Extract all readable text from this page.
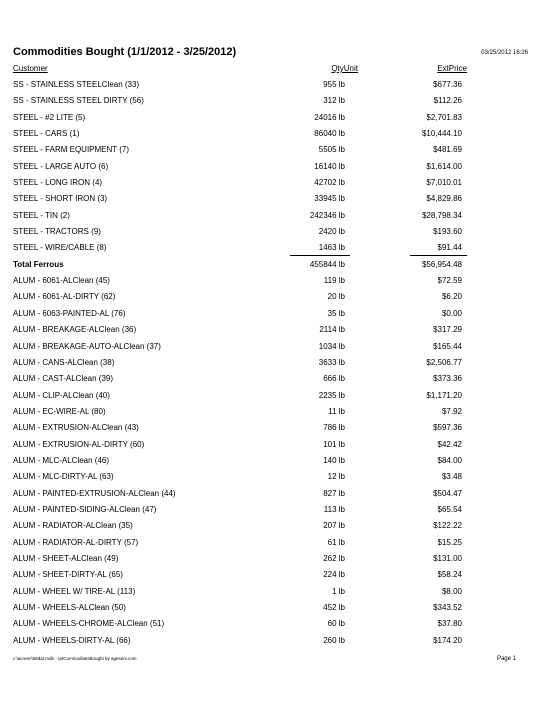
Commodities Bought (1/1/2012 - 3/25/2012)	03/25/2012 16:26
Customer	QtyUnit	ExtPrice
SS - STAINLESS STEELClean (33)	955 lb	$677.36
SS - STAINLESS STEEL DIRTY (56)	312 lb	$112.26
STEEL - #2 LITE (5)	24016 lb	$2,701.83
STEEL - CARS (1)	86040 lb	$10,444.10
STEEL - FARM EQUIPMENT (7)	5505 lb	$481.69
STEEL - LARGE AUTO (6)	16140 lb	$1,614.00
STEEL - LONG IRON (4)	42702 lb	$7,010.01
STEEL - SHORT IRON (3)	33945 lb	$4,829.86
STEEL - TIN (2)	242346 lb	$28,798.34
STEEL - TRACTORS (9)	2420 lb	$193.60
STEEL - WIRE/CABLE (8)	1463 lb	$91.44
Total Ferrous	455844 lb	$56,954.48
ALUM - 6061-ALClean (45)	119 lb	$72.59
ALUM - 6061-AL-DIRTY (62)	20 lb	$6.20
ALUM - 6063-PAINTED-AL (76)	35 lb	$0.00
ALUM - BREAKAGE-ALClean (36)	2114 lb	$317.29
ALUM - BREAKAGE-AUTO-ALClean (37)	1034 lb	$165.44
ALUM - CANS-ALClean (38)	3633 lb	$2,506.77
ALUM - CAST-ALClean (39)	666 lb	$373.36
ALUM - CLIP-ALClean (40)	2235 lb	$1,171.20
ALUM - EC-WIRE-AL (80)	11 lb	$7.92
ALUM - EXTRUSION-ALClean (43)	786 lb	$597.36
ALUM - EXTRUSION-AL-DIRTY (60)	101 lb	$42.42
ALUM - MLC-ALClean (46)	140 lb	$84.00
ALUM - MLC-DIRTY-AL (63)	12 lb	$3.48
ALUM - PAINTED-EXTRUSION-ALClean (44)	827 lb	$504.47
ALUM - PAINTED-SIDING-ALClean (47)	113 lb	$65.54
ALUM - RADIATOR-ALClean (35)	207 lb	$122.22
ALUM - RADIATOR-AL-DIRTY (57)	61 lb	$15.25
ALUM - SHEET-ALClean (49)	262 lb	$131.00
ALUM - SHEET-DIRTY-AL (65)	224 lb	$58.24
ALUM - WHEEL W/ TIRE-AL (113)	1 lb	$8.00
ALUM - WHEELS-ALClean (50)	452 lb	$343.52
ALUM - WHEELS-CHROME-ALClean (51)	60 lb	$37.80
ALUM - WHEELS-DIRTY-AL (66)	260 lb	$174.20
c:\acreen\68dat.mdb - rptCommoditiesBought by ageserv.com	Page 1
